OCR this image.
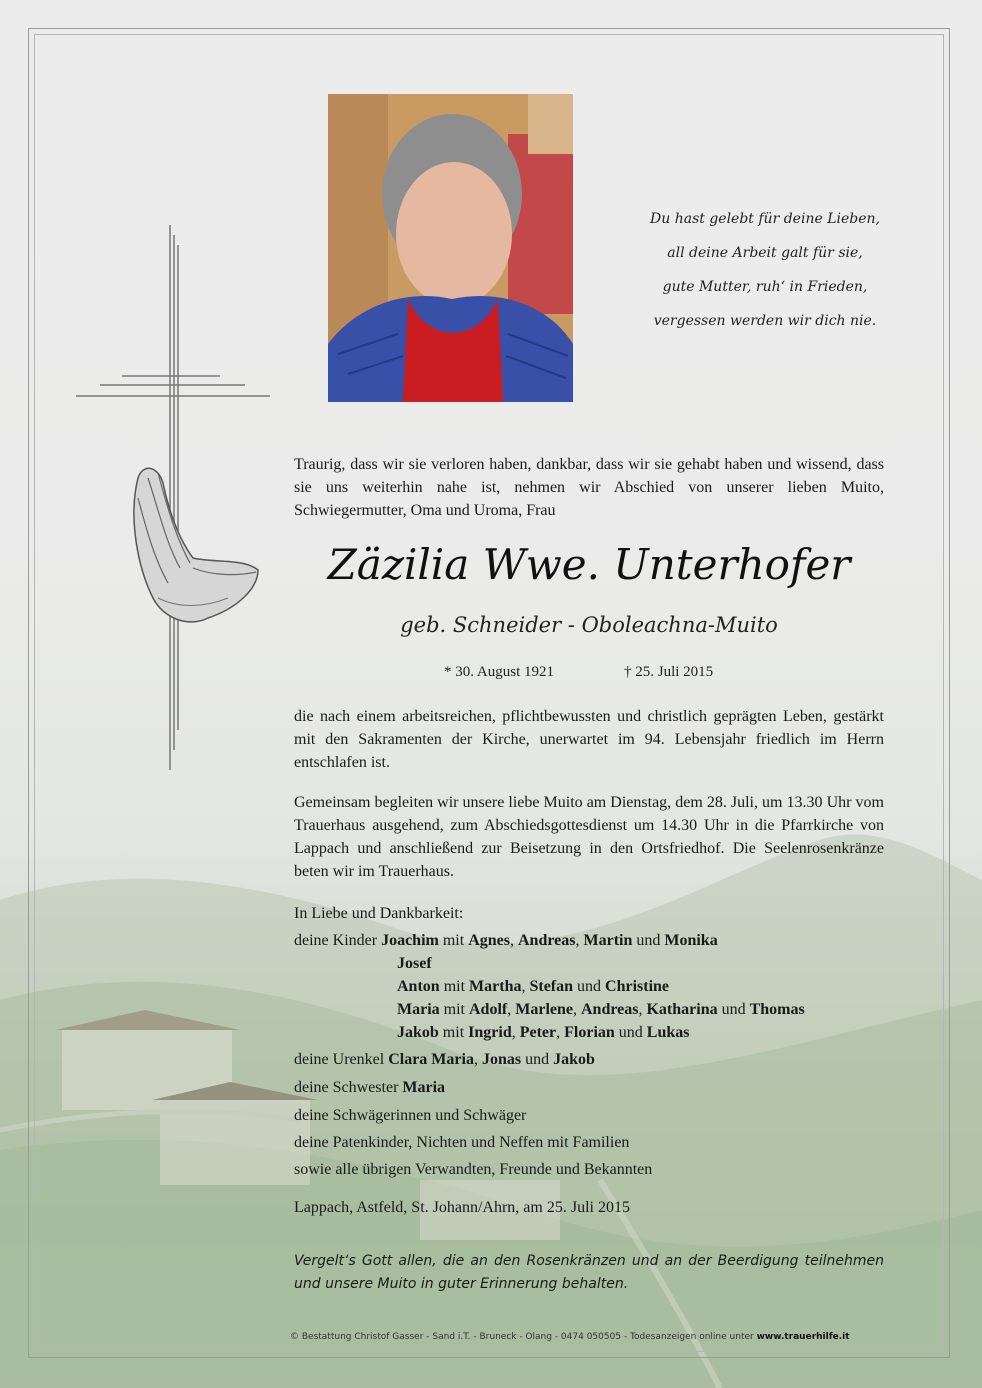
Du hast gelebt für deine Lieben,
all deine Arbeit galt für sie,
gute Mutter, ruh‘ in Frieden,
vergessen werden wir dich nie.
Traurig, dass wir sie verloren haben, dankbar, dass wir sie gehabt haben und wissend, dass sie uns weiterhin nahe ist, nehmen wir Abschied von unserer lieben Muito, Schwiegermutter, Oma und Uroma, Frau
Zäzilia Wwe. Unterhofer
geb. Schneider - Oboleachna-Muito
* 30. August 1921	† 25. Juli 2015
die nach einem arbeitsreichen, pflichtbewussten und christlich geprägten Leben, gestärkt mit den Sakramenten der Kirche, unerwartet im 94. Lebensjahr friedlich im Herrn entschlafen ist.
Gemeinsam begleiten wir unsere liebe Muito am Dienstag, dem 28. Juli, um 13.30 Uhr vom Trauerhaus ausgehend, zum Abschiedsgottesdienst um 14.30 Uhr in die Pfarrkirche von Lappach und anschließend zur Beisetzung in den Ortsfriedhof. Die Seelenrosenkränze beten wir im Trauerhaus.
In Liebe und Dankbarkeit:
deine Kinder Joachim mit Agnes, Andreas, Martin und Monika
Josef
Anton mit Martha, Stefan und Christine
Maria mit Adolf, Marlene, Andreas, Katharina und Thomas
Jakob mit Ingrid, Peter, Florian und Lukas
deine Urenkel Clara Maria, Jonas und Jakob
deine Schwester Maria
deine Schwägerinnen und Schwäger
deine Patenkinder, Nichten und Neffen mit Familien
sowie alle übrigen Verwandten, Freunde und Bekannten
Lappach, Astfeld, St. Johann/Ahrn, am 25. Juli 2015
Vergelt‘s Gott allen, die an den Rosenkränzen und an der Beerdigung teilnehmen und unsere Muito in guter Erinnerung behalten.
© Bestattung Christof Gasser - Sand i.T. - Bruneck - Olang - 0474 050505 - Todesanzeigen online unter www.trauerhilfe.it
